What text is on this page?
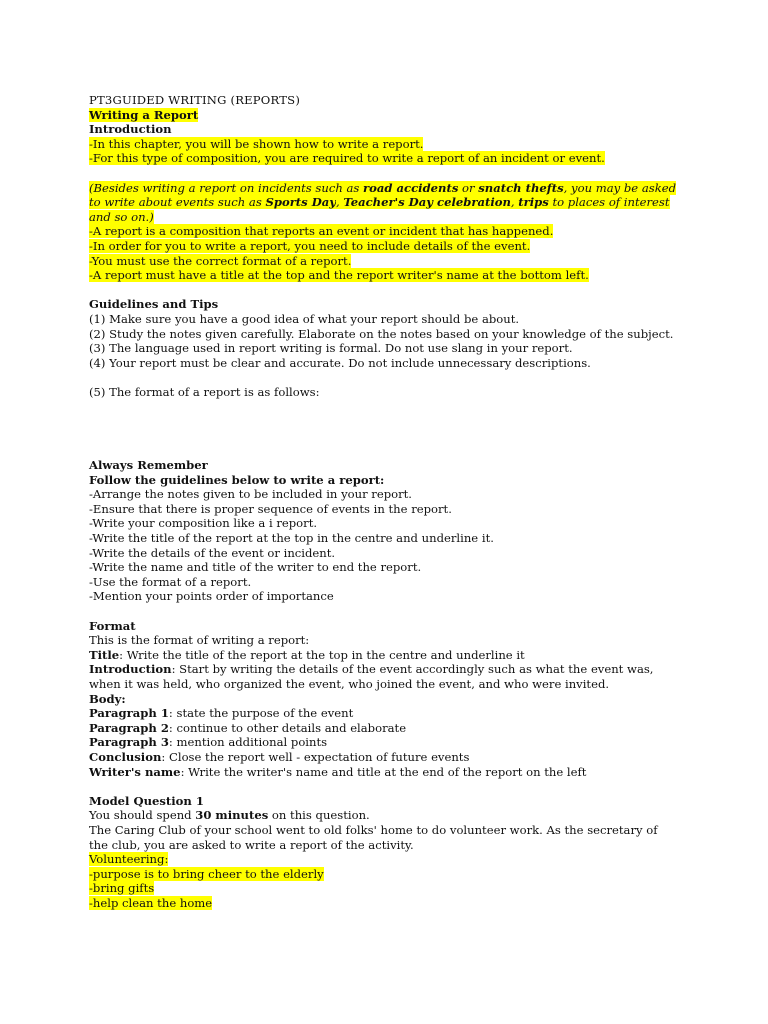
PT3GUIDED WRITING (REPORTS)
Writing a Report
Introduction
-In this chapter, you will be shown how to write a report.
-For this type of composition, you are required to write a report of an incident or event.
(Besides writing a report on incidents such as road accidents or snatch thefts, you may be asked to write about events such as Sports Day, Teacher's Day celebration, trips to places of interest and so on.)
-A report is a composition that reports an event or incident that has happened.
-In order for you to write a report, you need to include details of the event.
-You must use the correct format of a report.
-A report must have a title at the top and the report writer's name at the bottom left.
Guidelines and Tips
(1) Make sure you have a good idea of what your report should be about.
(2) Study the notes given carefully. Elaborate on the notes based on your knowledge of the subject.
(3) The language used in report writing is formal. Do not use slang in your report.
(4) Your report must be clear and accurate. Do not include unnecessary descriptions.
(5) The format of a report is as follows:
Always Remember
Follow the guidelines below to write a report:
-Arrange the notes given to be included in your report.
-Ensure that there is proper sequence of events in the report.
-Write your composition like a i report.
-Write the title of the report at the top in the centre and underline it.
-Write the details of the event or incident.
-Write the name and title of the writer to end the report.
-Use the format of a report.
-Mention your points order of importance
Format
This is the format of writing a report:
Title: Write the title of the report at the top in the centre and underline it
Introduction: Start by writing the details of the event accordingly such as what the event was, when it was held, who organized the event, who joined the event, and who were invited.
Body:
Paragraph 1: state the purpose of the event
Paragraph 2: continue to other details and elaborate
Paragraph 3: mention additional points
Conclusion: Close the report well - expectation of future events
Writer's name: Write the writer's name and title at the end of the report on the left
Model Question 1
You should spend 30 minutes on this question.
The Caring Club of your school went to old folks' home to do volunteer work. As the secretary of the club, you are asked to write a report of the activity.
Volunteering:
-purpose is to bring cheer to the elderly
-bring gifts
-help clean the home
